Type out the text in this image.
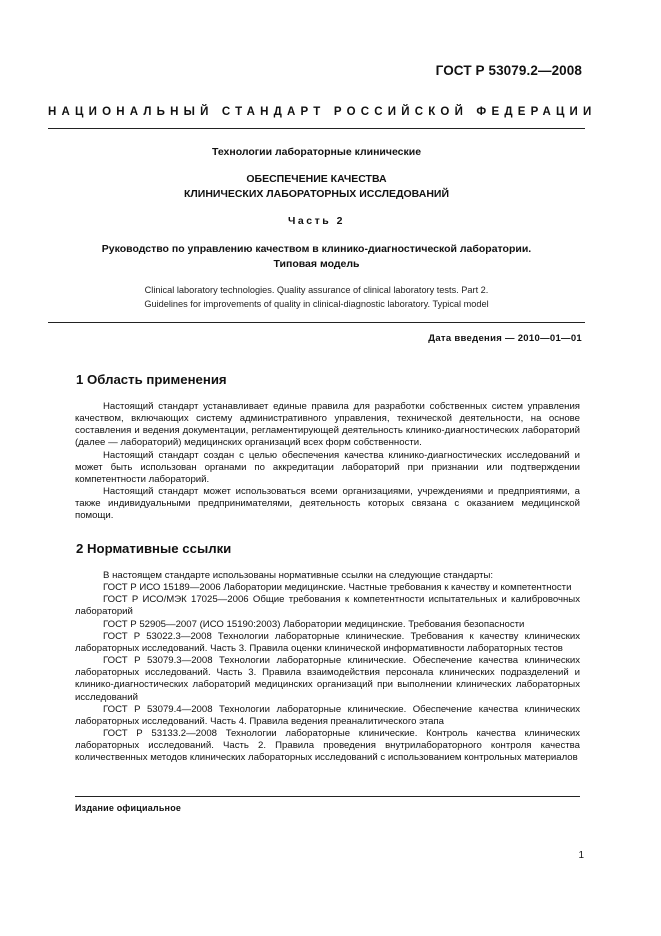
ГОСТ Р 53079.2—2008
НАЦИОНАЛЬНЫЙ СТАНДАРТ РОССИЙСКОЙ ФЕДЕРАЦИИ
Технологии лабораторные клинические
ОБЕСПЕЧЕНИЕ КАЧЕСТВА
КЛИНИЧЕСКИХ ЛАБОРАТОРНЫХ ИССЛЕДОВАНИЙ
Часть 2
Руководство по управлению качеством в клинико-диагностической лаборатории.
Типовая модель
Clinical laboratory technologies. Quality assurance of clinical laboratory tests. Part 2.
Guidelines for improvements of quality in clinical-diagnostic laboratory. Typical model
Дата введения — 2010—01—01
1 Область применения

Настоящий стандарт устанавливает единые правила для разработки собственных систем управления качеством, включающих систему административного управления, технической деятельности, на основе составления и ведения документации, регламентирующей деятельность клинико-диагностических лабораторий (далее — лабораторий) медицинских организаций всех форм собственности.

Настоящий стандарт создан с целью обеспечения качества клинико-диагностических исследований и может быть использован органами по аккредитации лабораторий при признании или подтверждении компетентности лабораторий.

Настоящий стандарт может использоваться всеми организациями, учреждениями и предприятиями, а также индивидуальными предпринимателями, деятельность которых связана с оказанием медицинской помощи.

2 Нормативные ссылки

В настоящем стандарте использованы нормативные ссылки на следующие стандарты:

ГОСТ Р ИСО 15189—2006 Лаборатории медицинские. Частные требования к качеству и компетентности

ГОСТ Р ИСО/МЭК 17025—2006 Общие требования к компетентности испытательных и калибровочных лабораторий

ГОСТ Р 52905—2007 (ИСО 15190:2003) Лаборатории медицинские. Требования безопасности

ГОСТ Р 53022.3—2008 Технологии лабораторные клинические. Требования к качеству клинических лабораторных исследований. Часть 3. Правила оценки клинической информативности лабораторных тестов

ГОСТ Р 53079.3—2008 Технологии лабораторные клинические. Обеспечение качества клинических лабораторных исследований. Часть 3. Правила взаимодействия персонала клинических подразделений и клинико-диагностических лабораторий медицинских организаций при выполнении клинических лабораторных исследований

ГОСТ Р 53079.4—2008 Технологии лабораторные клинические. Обеспечение качества клинических лабораторных исследований. Часть 4. Правила ведения преаналитического этапа

ГОСТ Р 53133.2—2008 Технологии лабораторные клинические. Контроль качества клинических лабораторных исследований. Часть 2. Правила проведения внутрилабораторного контроля качества количественных методов клинических лабораторных исследований с использованием контрольных материалов

Издание официальное
1
